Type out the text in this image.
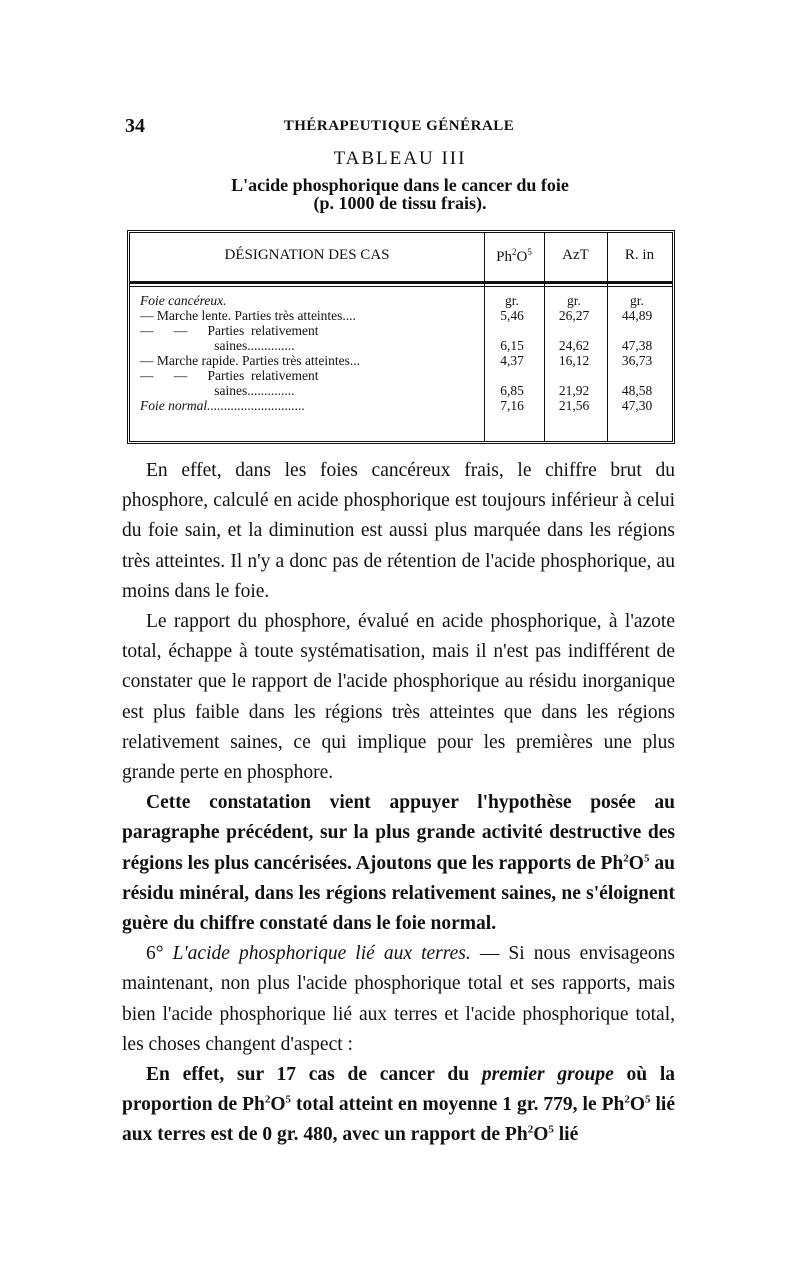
34	THÉRAPEUTIQUE GÉNÉRALE
TABLEAU III
L'acide phosphorique dans le cancer du foie
(p. 1000 de tissu frais).
DÉSIGNATION DES CAS	$Ph^2O^5$	AzT	R. in
Foie cancéreux.	gr.	gr.	gr.
— Marche lente. Parties très atteintes....	5,46	26,27	44,89
—      —      Parties  relativement
saines..............	6,15	24,62	47,38
— Marche rapide. Parties très atteintes...	4,37	16,12	36,73
—      —      Parties  relativement
saines..............	6,85	21,92	48,58
Foie normal.............................	7,16	21,56	47,30

En effet, dans les foies cancéreux frais, le chiffre brut du phosphore, calculé en acide phosphorique est toujours inférieur à celui du foie sain, et la diminution est aussi plus marquée dans les régions très atteintes. Il n'y a donc pas de rétention de l'acide phosphorique, au moins dans le foie.

Le rapport du phosphore, évalué en acide phosphorique, à l'azote total, échappe à toute systématisation, mais il n'est pas indifférent de constater que le rapport de l'acide phosphorique au résidu inorganique est plus faible dans les régions très atteintes que dans les régions relativement saines, ce qui implique pour les premières une plus grande perte en phosphore.

Cette constatation vient appuyer l'hypothèse posée au paragraphe précédent, sur la plus grande activité destructive des régions les plus cancérisées. Ajoutons que les rapports de $Ph^2O^5$ au résidu minéral, dans les régions relativement saines, ne s'éloignent guère du chiffre constaté dans le foie normal.

6° L'acide phosphorique lié aux terres. — Si nous envisageons maintenant, non plus l'acide phosphorique total et ses rapports, mais bien l'acide phosphorique lié aux terres et l'acide phosphorique total, les choses changent d'aspect :

En effet, sur 17 cas de cancer du premier groupe où la proportion de $Ph^2O^5$ total atteint en moyenne 1 gr. 779, le $Ph^2O^5$ lié aux terres est de 0 gr. 480, avec un rapport de $Ph^2O^5$ lié
